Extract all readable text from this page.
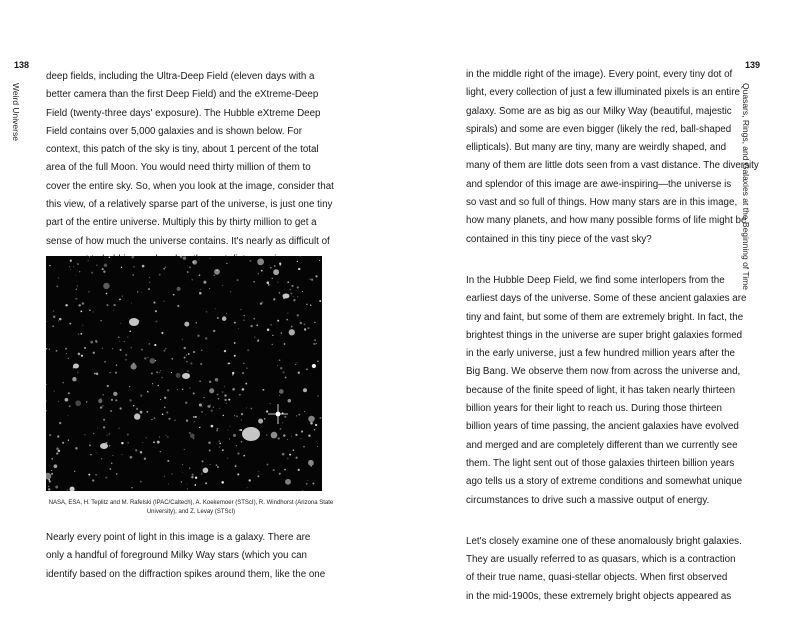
138
Weird Universe
deep fields, including the Ultra-Deep Field (eleven days with a
better camera than the first Deep Field) and the eXtreme-Deep
Field (twenty-three days' exposure). The Hubble eXtreme Deep
Field contains over 5,000 galaxies and is shown below. For
context, this patch of the sky is tiny, about 1 percent of the total
area of the full Moon. You would need thirty million of them to
cover the entire sky. So, when you look at the image, consider that
this view, of a relatively sparse part of the universe, is just one tiny
part of the entire universe. Multiply this by thirty million to get a
sense of how much the universe contains. It's nearly as difficult of
NASA, ESA, H. Teplitz and M. Rafelski (IPAC/Caltech), A. Koekemoer (STScI), R. Windhorst (Arizona State
University), and Z. Levay (STScI)
Nearly every point of light in this image is a galaxy. There are
only a handful of foreground Milky Way stars (which you can
identify based on the diffraction spikes around them, like the one
139
Quasars, Rings, and Galaxies at the Beginning of Time
in the middle right of the image). Every point, every tiny dot of
light, every collection of just a few illuminated pixels is an entire
galaxy. Some are as big as our Milky Way (beautiful, majestic
spirals) and some are even bigger (likely the red, ball-shaped
ellipticals). But many are tiny, many are weirdly shaped, and
many of them are little dots seen from a vast distance. The diversity
and splendor of this image are awe-inspiring—the universe is
so vast and so full of things. How many stars are in this image,
how many planets, and how many possible forms of life might be
contained in this tiny piece of the vast sky?
In the Hubble Deep Field, we find some interlopers from the
earliest days of the universe. Some of these ancient galaxies are
tiny and faint, but some of them are extremely bright. In fact, the
brightest things in the universe are super bright galaxies formed
in the early universe, just a few hundred million years after the
Big Bang. We observe them now from across the universe and,
because of the finite speed of light, it has taken nearly thirteen
billion years for their light to reach us. During those thirteen
billion years of time passing, the ancient galaxies have evolved
and merged and are completely different than we currently see
them. The light sent out of those galaxies thirteen billion years
ago tells us a story of extreme conditions and somewhat unique
circumstances to drive such a massive output of energy.
Let's closely examine one of these anomalously bright galaxies.
They are usually referred to as quasars, which is a contraction
of their true name, quasi-stellar objects. When first observed
in the mid-1900s, these extremely bright objects appeared as
